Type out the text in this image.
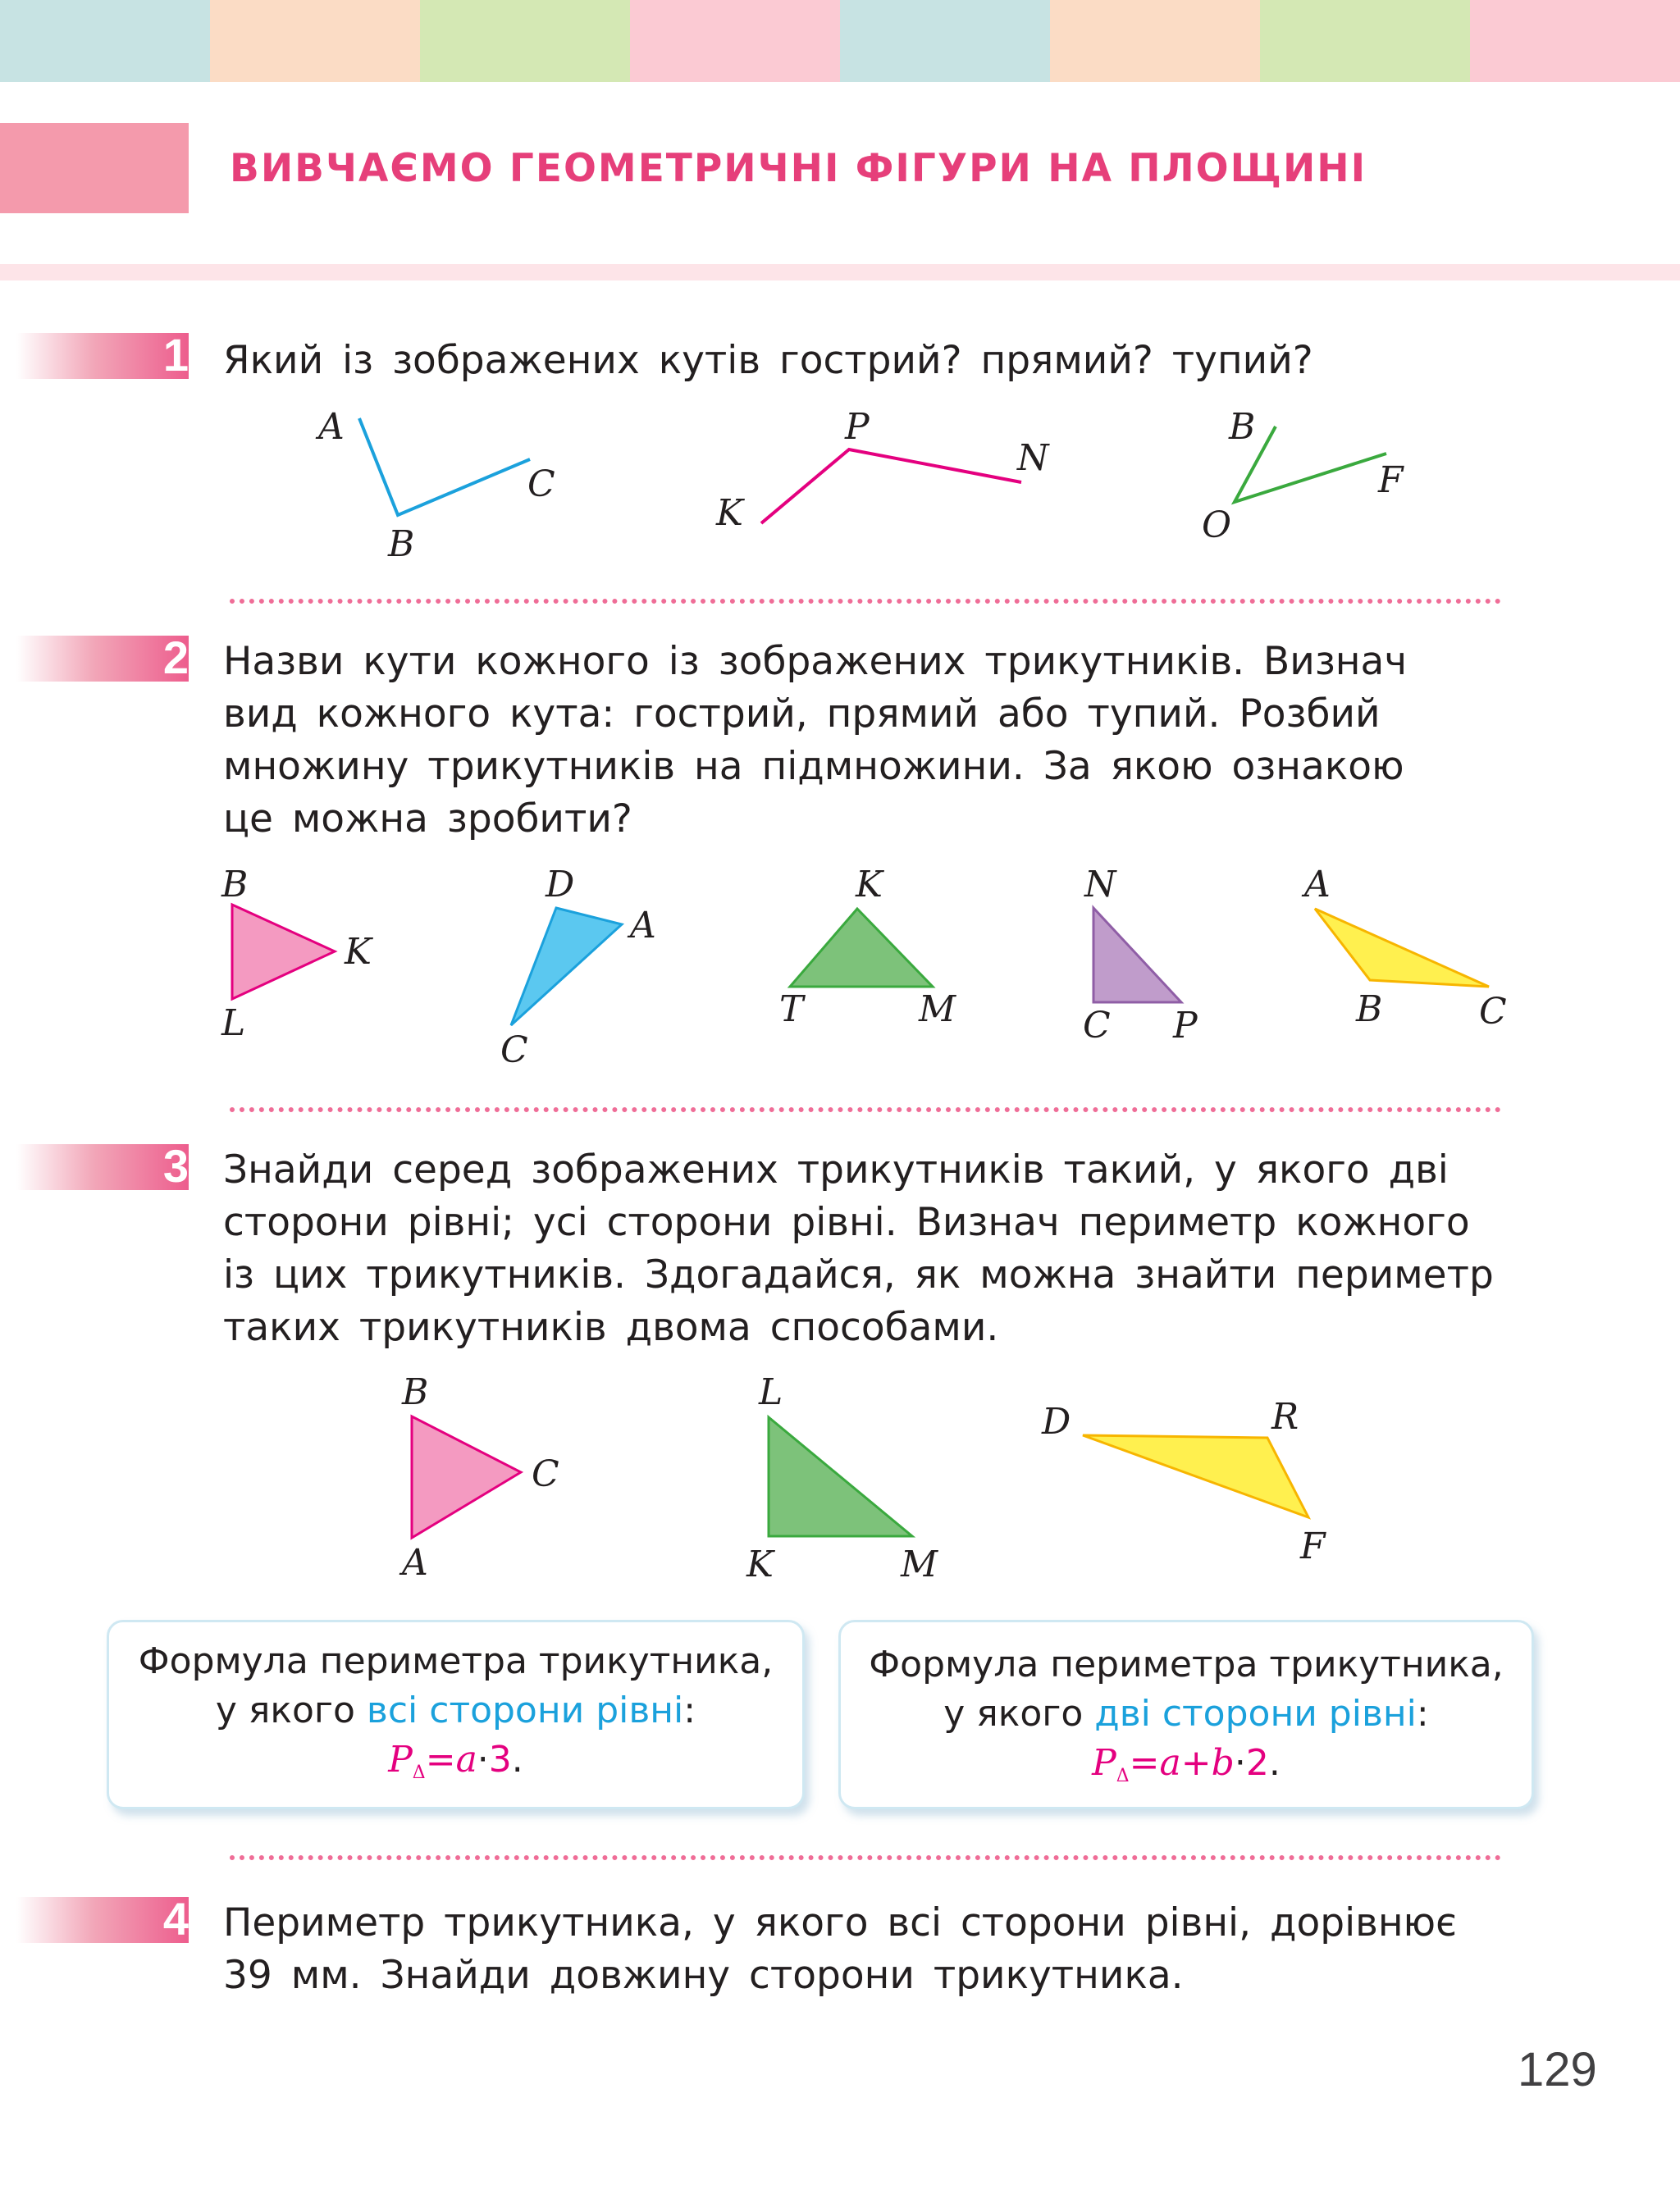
ВИВЧАЄМО ГЕОМЕТРИЧНІ ФІГУРИ НА ПЛОЩИНІ
1 Який із зображених кутів гострий? прямий? тупий?
2 Назви кути кожного із зображених трикутників. Визнач
вид кожного кута: гострий, прямий або тупий. Розбий
множину трикутників на підмножини. За якою ознакою
це можна зробити?
3 Знайди серед зображених трикутників такий, у якого дві
сторони рівні; усі сторони рівні. Визнач периметр кожного
із цих трикутників. Здогадайся, як можна знайти периметр
таких трикутників двома способами.
A
B
C
K
P
N
B
O
F
B
K
L
D
A
C
K
T	M
N
C P
A
B	C
B
C
A
L
K	M
D	R
F
Формула периметра трикутника,
у якого всі сторони рівні:
PΔ=a·3.
Формула периметра трикутника,
у якого дві сторони рівні:
PΔ=a+b·2.
4 Периметр трикутника, у якого всі сторони рівні, дорівнює
39 мм. Знайди довжину сторони трикутника.
129
